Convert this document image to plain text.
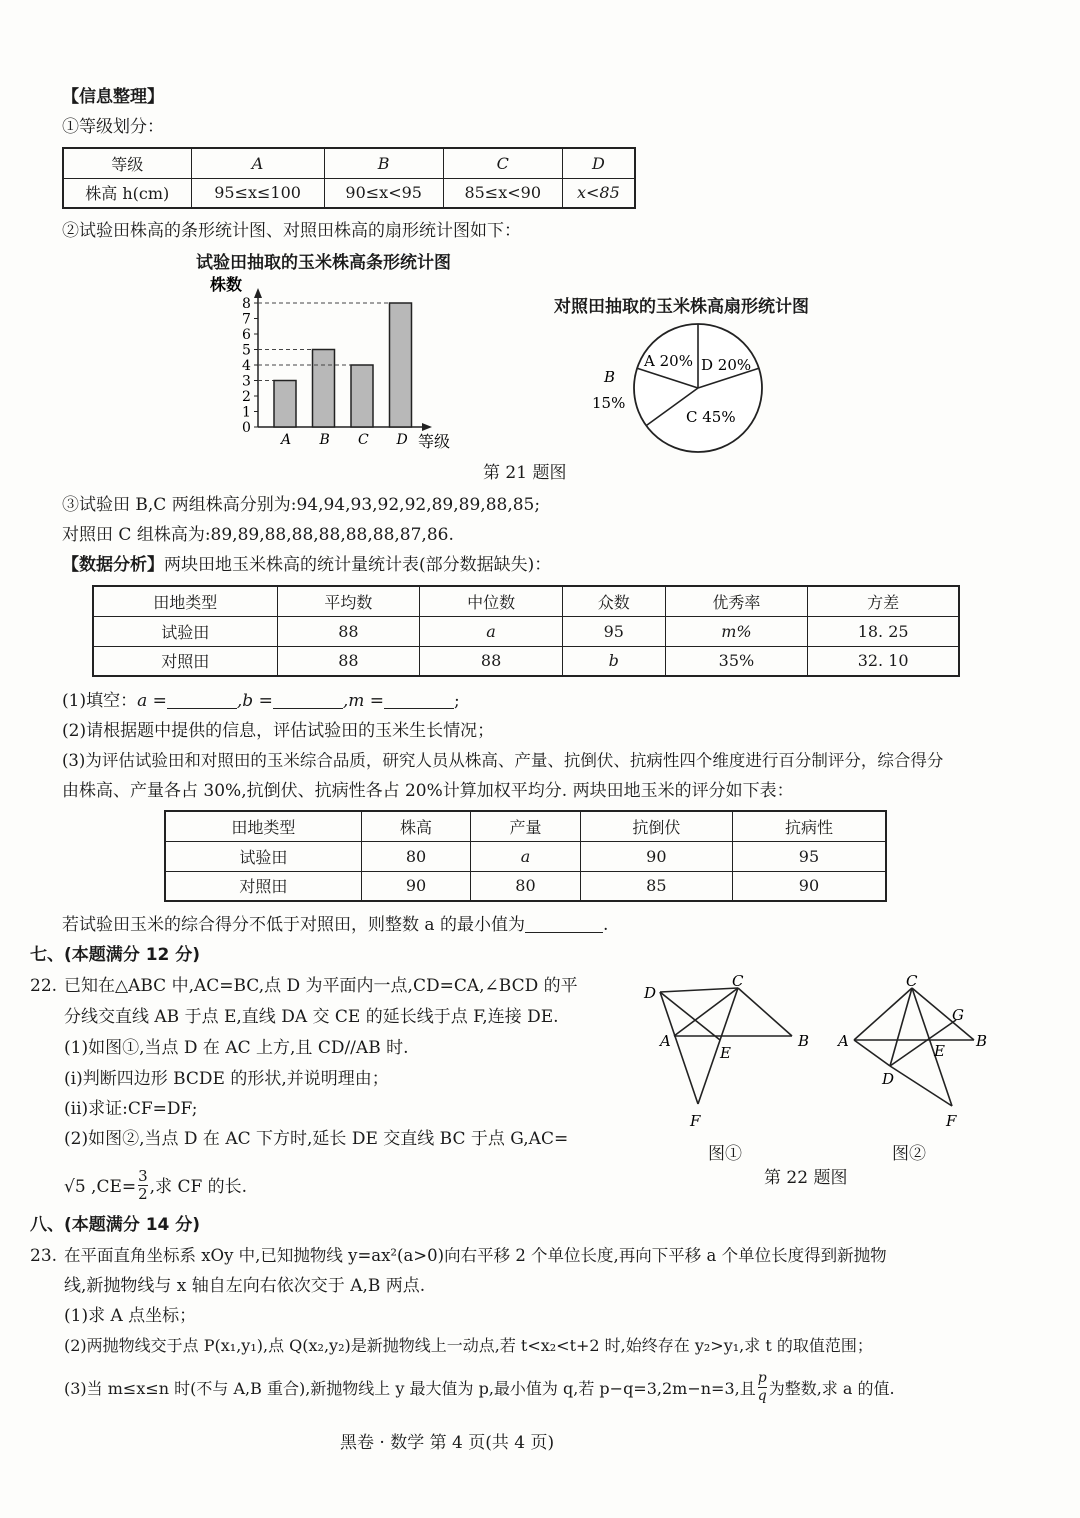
【信息整理】
①等级划分：
等级	A	B	C	D
株高 h(cm)	95≤x≤100	90≤x<95	85≤x<90	x<85
②试验田株高的条形统计图、对照田株高的扇形统计图如下：
试验田抽取的玉米株高条形统计图
株数
0
1
2
3
4
5
6
7
8
A B C D 等级
对照田抽取的玉米株高扇形统计图
A 20% D 20%
C 45%
B
15%
第 21 题图
③试验田 B,C 两组株高分别为:94,94,93,92,92,89,89,88,85;
对照田 C 组株高为:89,89,88,88,88,88,88,87,86.
【数据分析】两块田地玉米株高的统计量统计表(部分数据缺失)：
田地类型	平均数	中位数	众数	优秀率	方差
试验田	88	a	95	m%	18. 25
对照田	88	88	b	35%	32. 10
(1)填空：a =	,b =	,m =	;
(2)请根据题中提供的信息，评估试验田的玉米生长情况；
(3)为评估试验田和对照田的玉米综合品质，研究人员从株高、产量、抗倒伏、抗病性四个维度进行百分制评分，综合得分
由株高、产量各占 30%,抗倒伏、抗病性各占 20%计算加权平均分. 两块田地玉米的评分如下表：
田地类型	株高	产量	抗倒伏	抗病性
试验田	80	a	90	95
对照田	90	80	85	90
若试验田玉米的综合得分不低于对照田，则整数 a 的最小值为	.
七、(本题满分 12 分)
22. 已知在△ABC 中,AC=BC,点 D 为平面内一点,CD=CA,∠BCD 的平
分线交直线 AB 于点 E,直线 DA 交 CE 的延长线于点 F,连接 DE.
(1)如图①,当点 D 在 AC 上方,且 CD//AB 时.
(i)判断四边形 BCDE 的形状,并说明理由；
(ii)求证:CF=DF;
(2)如图②,当点 D 在 AC 下方时,延长 DE 交直线 BC 于点 G,AC=
√5 $,CE= \frac{3}{2}$ ,求 CF 的长.
D
C
A
E
B
F
图①
C
G
A
E
B
D
F
图②
第 22 题图
八、(本题满分 14 分)
23. 在平面直角坐标系 xOy 中,已知抛物线 y=ax²(a>0)向右平移 2 个单位长度,再向下平移 a 个单位长度得到新抛物
线,新抛物线与 x 轴自左向右依次交于 A,B 两点.
(1)求 A 点坐标；
(2)两抛物线交于点 P(x₁,y₁),点 Q(x₂,y₂)是新抛物线上一动点,若 t<x₂<t+2 时,始终存在 y₂>y₁,求 t 的取值范围；
(3)当 m≤x≤n 时(不与 A,B 重合),新抛物线上 y 最大值为 p,最小值为 q,若 p−q=3,2m−n=3,且 $\frac{p}{q}$ 为整数,求 a 的值.
黑卷 · 数学 第 4 页(共 4 页)
